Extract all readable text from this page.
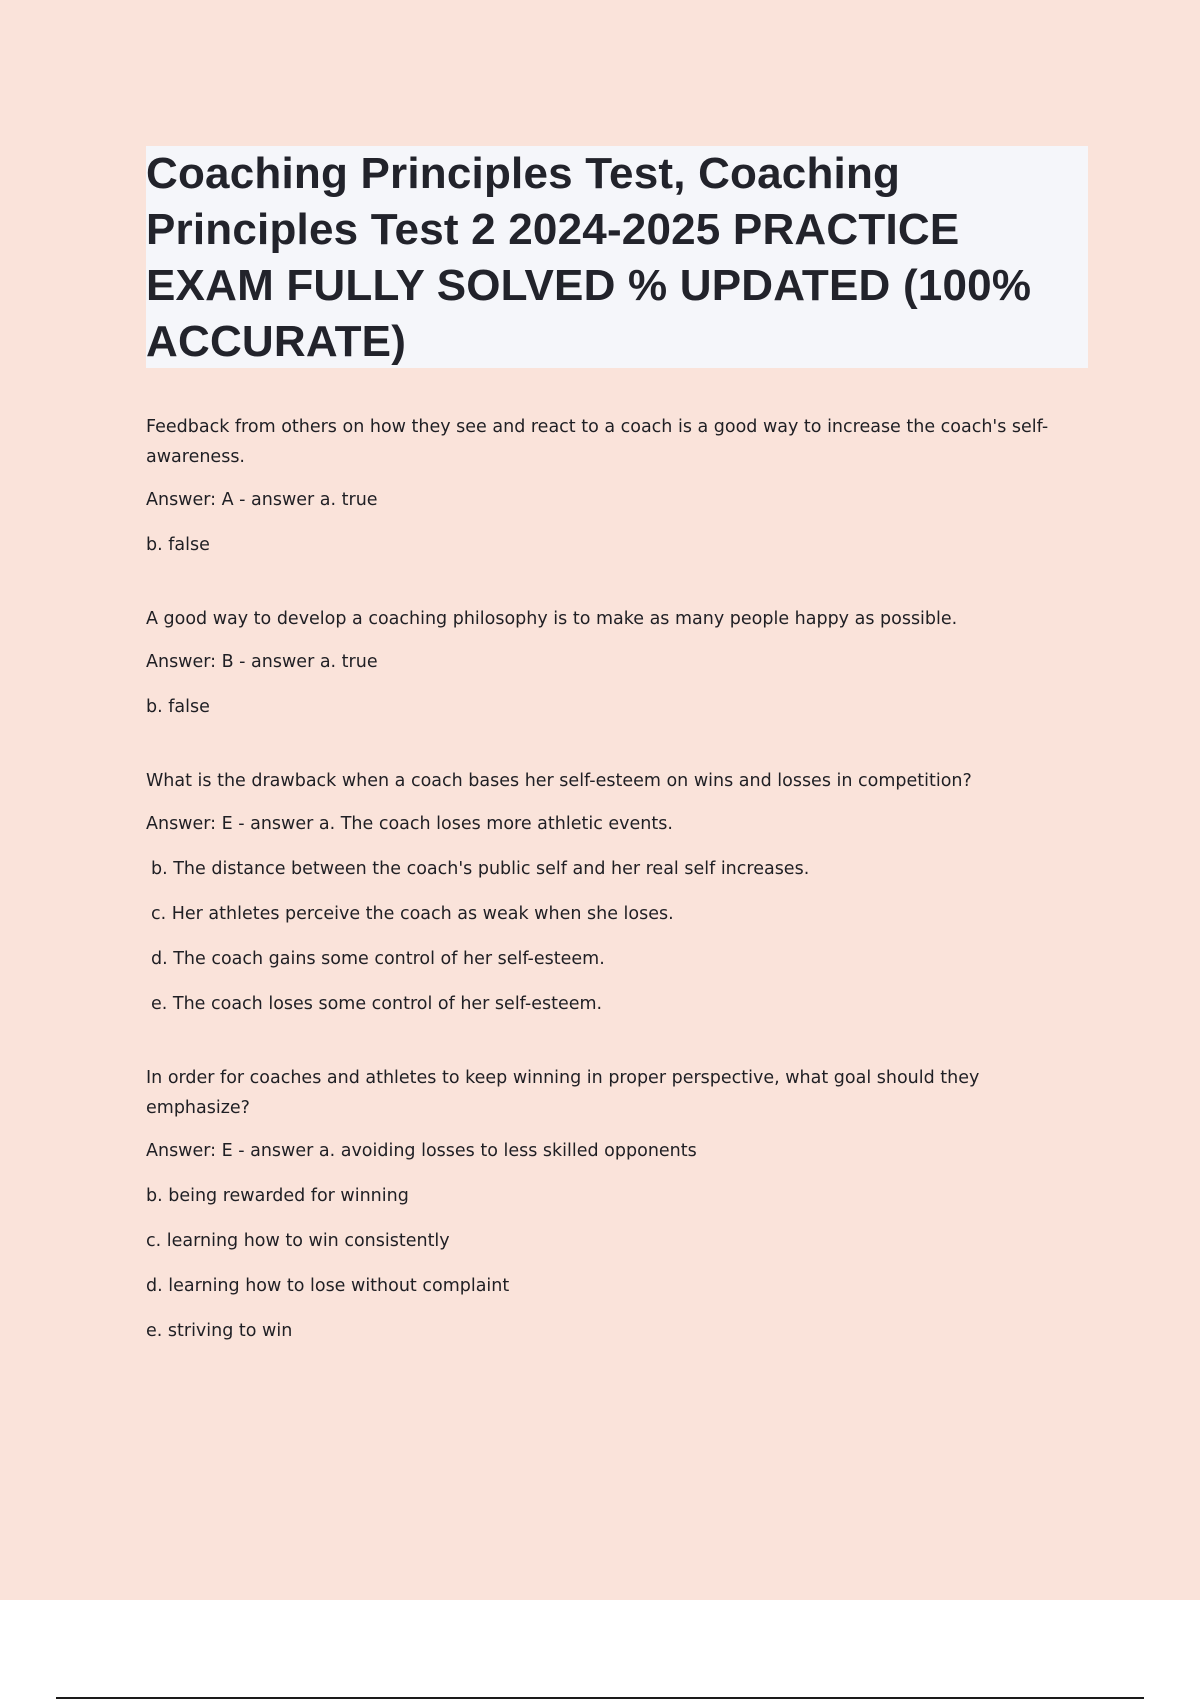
Coaching Principles Test, Coaching Principles Test 2 2024-2025 PRACTICE EXAM FULLY SOLVED % UPDATED (100% ACCURATE)
Feedback from others on how they see and react to a coach is a good way to increase the coach's self-awareness.
Answer: A - answer a. true
b. false
A good way to develop a coaching philosophy is to make as many people happy as possible.
Answer: B - answer a. true
b. false
What is the drawback when a coach bases her self-esteem on wins and losses in competition?
Answer: E - answer a. The coach loses more athletic events.
b. The distance between the coach's public self and her real self increases.
c. Her athletes perceive the coach as weak when she loses.
d. The coach gains some control of her self-esteem.
e. The coach loses some control of her self-esteem.
In order for coaches and athletes to keep winning in proper perspective, what goal should they emphasize?
Answer: E - answer a. avoiding losses to less skilled opponents
b. being rewarded for winning
c. learning how to win consistently
d. learning how to lose without complaint
e. striving to win
